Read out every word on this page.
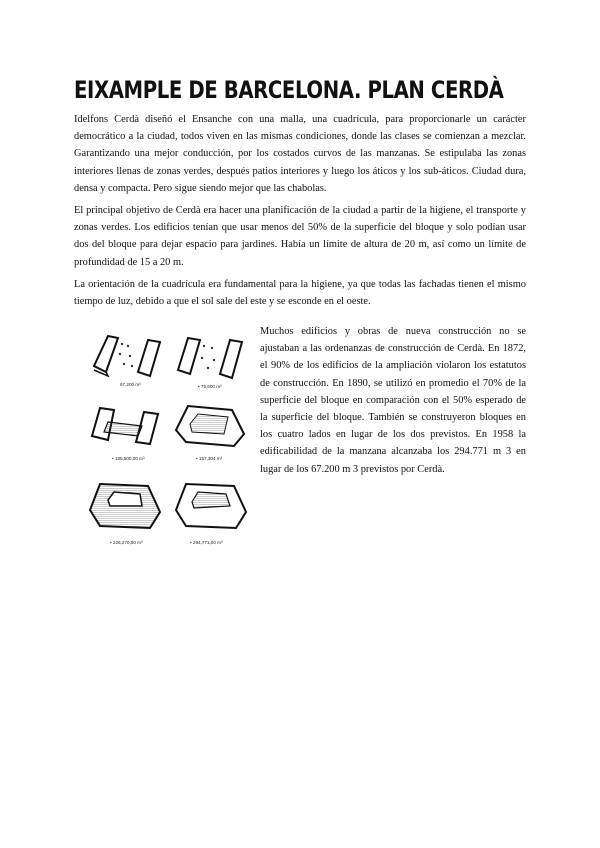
EIXAMPLE DE BARCELONA. PLAN CERDÀ

Idelfons Cerdà diseñó el Ensanche con una malla, una cuadrícula, para proporcionarle un carácter democrático a la ciudad, todos viven en las mismas condiciones, donde las clases se comienzan a mezclar. Garantizando una mejor conducción, por los costados curvos de las manzanas. Se estipulaba las zonas interiores llenas de zonas verdes, después patios interiores y luego los áticos y los sub-áticos. Ciudad dura, densa y compacta. Pero sigue siendo mejor que las chabolas.

El principal objetivo de Cerdà era hacer una planificación de la ciudad a partir de la higiene, el transporte y zonas verdes. Los edificios tenían que usar menos del 50% de la superficie del bloque y solo podían usar dos del bloque para dejar espacio para jardines. Había un límite de altura de 20 m, así como un límite de profundidad de 15 a 20 m.

La orientación de la cuadrícula era fundamental para la higiene, ya que todas las fachadas tienen el mismo tiempo de luz, debido a que el sol sale del este y se esconde en el oeste.

67,200 m³	• 75,600 m³
• 135,500,00 m³	• 157,304 m³
• 226,270,00 m³	• 294,771,00 m³

Muchos edificios y obras de nueva construcción no se ajustaban a las ordenanzas de construcción de Cerdà. En 1872, el 90% de los edificios de la ampliación violaron los estatutos de construcción. En 1890, se utilizó en promedio el 70% de la superficie del bloque en comparación con el 50% esperado de la superficie del bloque. También se construyeron bloques en los cuatro lados en lugar de los dos previstos. En 1958 la edificabilidad de la manzana alcanzaba los 294.771 m 3 en lugar de los 67.200 m 3 previstos por Cerdà.
